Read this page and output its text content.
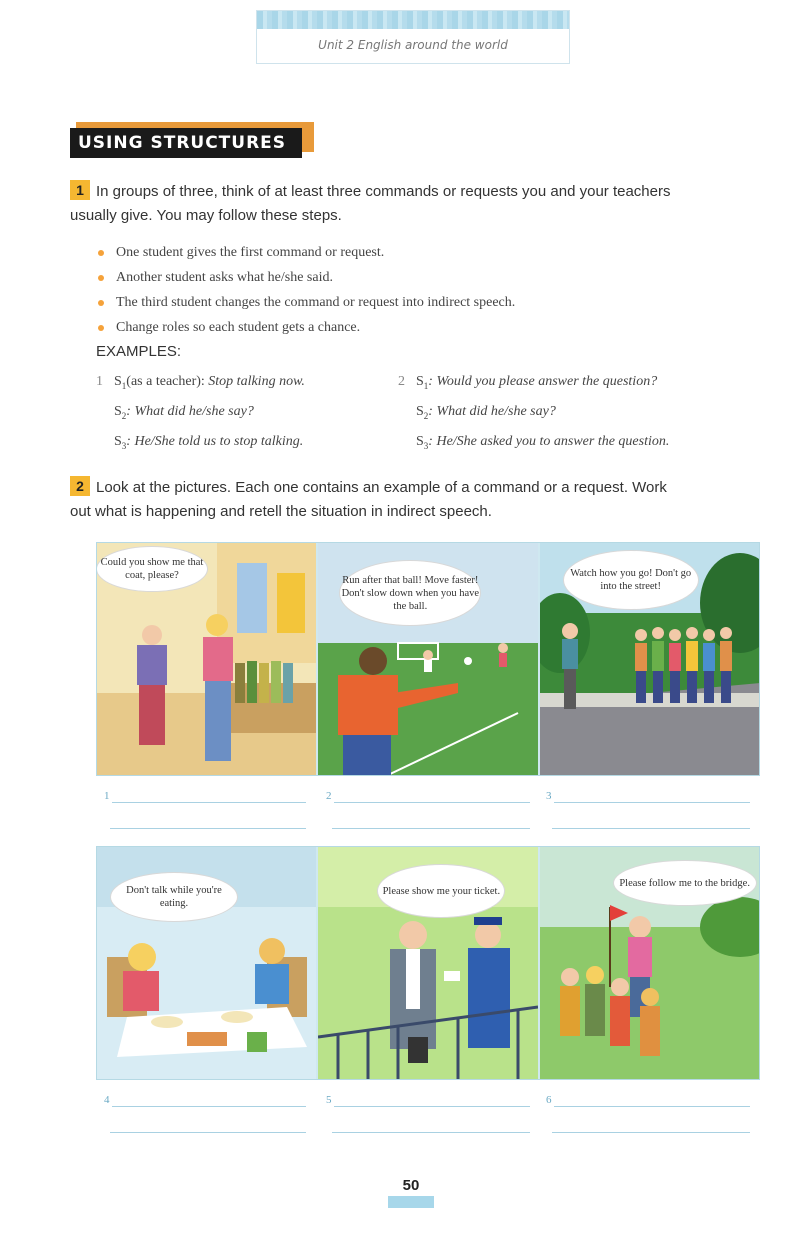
Unit 2 English around the world
USING STRUCTURES
1 In groups of three, think of at least three commands or requests you and your teachers
usually give. You may follow these steps.
One student gives the first command or request.
Another student asks what he/she said.
The third student changes the command or request into indirect speech.
Change roles so each student gets a chance.
EXAMPLES:
1 $S_1(as$ a teacher): Stop talking now.
$S_2$: What did he/she say?
$S_3$: He/She told us to stop talking.
2 $S_1$: Would you please answer the question?
$S_2$: What did he/she say?
$S_3$: He/She asked you to answer the question.
2 Look at the pictures. Each one contains an example of a command or a request. Work
out what is happening and retell the situation in indirect speech.
Could you show me that coat, please?	Run after that ball! Move faster! Don't slow down when you have the ball.
Watch how you go! Don't go into the street!
1	2	3
Don't talk while you're eating.
Please show me your ticket.
Please follow me to the bridge.
4	5	6
50
